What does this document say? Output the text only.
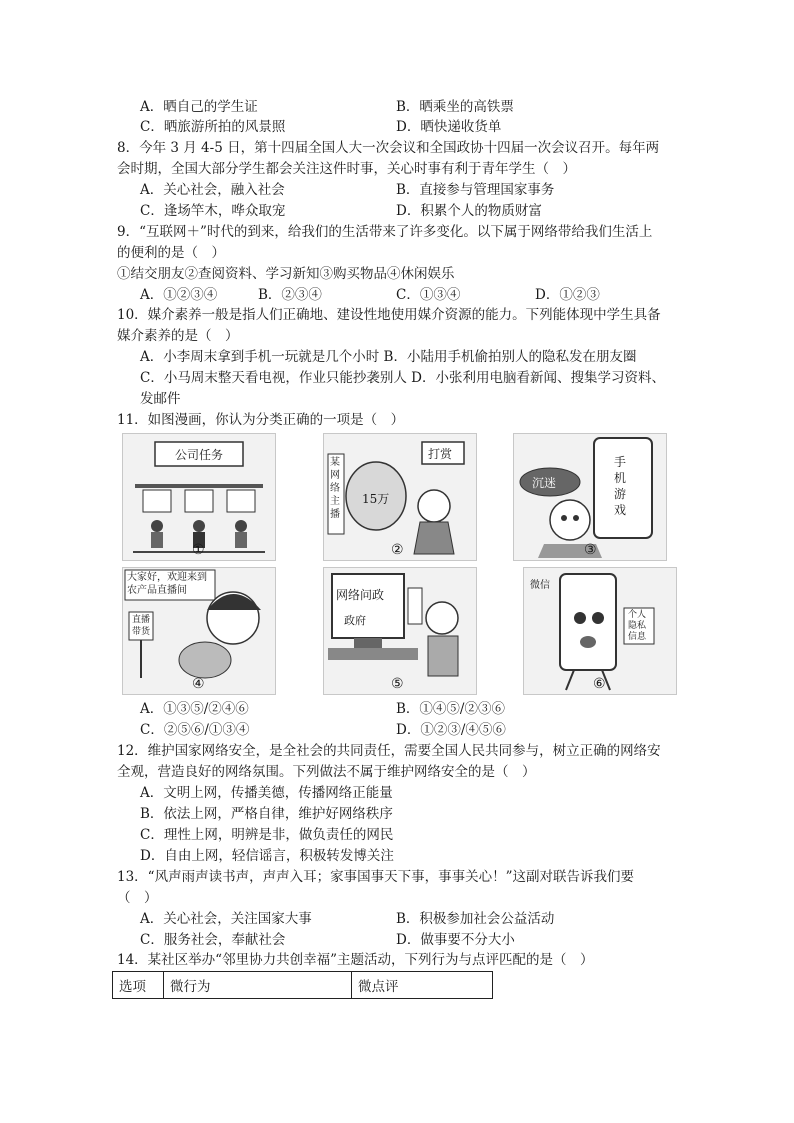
A．晒自己的学生证	B．晒乘坐的高铁票
C．晒旅游所拍的风景照	D．晒快递收货单
8．今年 3 月 4-5 日，第十四届全国人大一次会议和全国政协十四届一次会议召开。每年两
会时期，全国大部分学生都会关注这件时事，关心时事有利于青年学生（　）
A．关心社会，融入社会	B．直接参与管理国家事务
C．逢场竿木，哗众取宠	D．积累个人的物质财富
9．“互联网＋”时代的到来，给我们的生活带来了许多变化。以下属于网络带给我们生活上
的便利的是（　）
①结交朋友②查阅资料、学习新知③购买物品④休闲娱乐
A．①②③④	B．②③④	C．①③④	D．①②③
10．媒介素养一般是指人们正确地、建设性地使用媒介资源的能力。下列能体现中学生具备
媒介素养的是（　）
A．小李周末拿到手机一玩就是几个小时 B．小陆用手机偷拍别人的隐私发在朋友圈
C．小马周末整天看电视，作业只能抄袭别人 D．小张利用电脑看新闻、搜集学习资料、
发邮件
11．如图漫画，你认为分类正确的一项是（　）
公司任务
①
15万
打赏
某网络主播
②
沉迷
手机游戏
③
大家好，欢迎来到
农产品直播间
直播带货
④
网络问政
政府
⑤
微信
个人隐私信息
⑥
A．①③⑤/②④⑥	B．①④⑤/②③⑥
C．②⑤⑥/①③④	D．①②③/④⑤⑥
12．维护国家网络安全，是全社会的共同责任，需要全国人民共同参与，树立正确的网络安
全观，营造良好的网络氛围。下列做法不属于维护网络安全的是（　）
A．文明上网，传播美德，传播网络正能量
B．依法上网，严格自律，维护好网络秩序
C．理性上网，明辨是非，做负责任的网民
D．自由上网，轻信谣言，积极转发博关注
13．“风声雨声读书声，声声入耳；家事国事天下事，事事关心！”这副对联告诉我们要
（　）
A．关心社会，关注国家大事	B．积极参加社会公益活动
C．服务社会，奉献社会	D．做事要不分大小
14．某社区举办“邻里协力共创幸福”主题活动，下列行为与点评匹配的是（　）
选项	微行为	微点评
